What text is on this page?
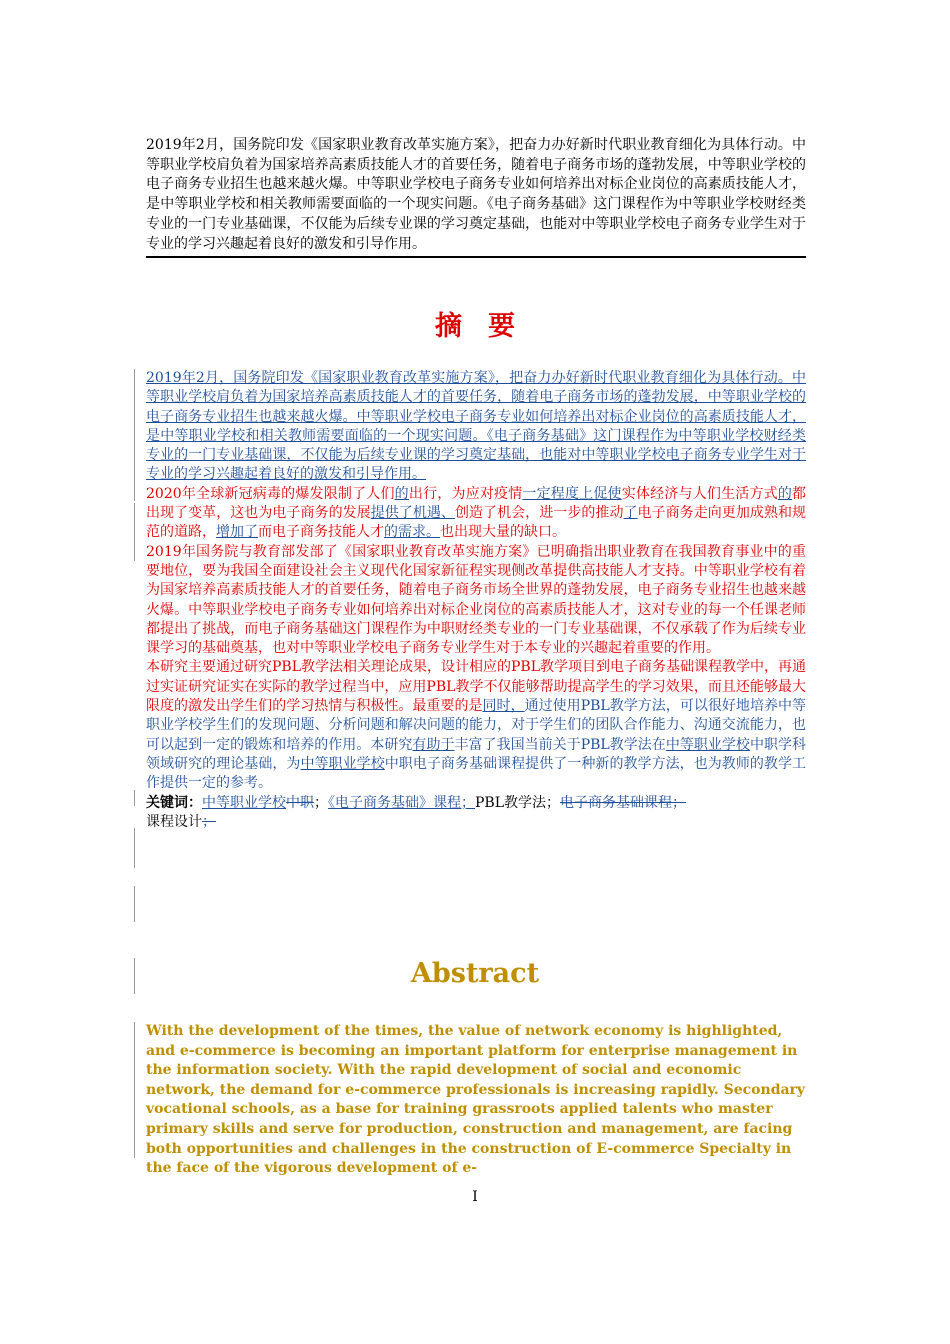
2019年2月，国务院印发《国家职业教育改革实施方案》，把奋力办好新时代职业教育细化为具体行动。中等职业学校肩负着为国家培养高素质技能人才的首要任务，随着电子商务市场的蓬勃发展，中等职业学校的电子商务专业招生也越来越火爆。中等职业学校电子商务专业如何培养出对标企业岗位的高素质技能人才，是中等职业学校和相关教师需要面临的一个现实问题。《电子商务基础》这门课程作为中等职业学校财经类专业的一门专业基础课，不仅能为后续专业课的学习奠定基础，也能对中等职业学校电子商务专业学生对于专业的学习兴趣起着良好的激发和引导作用。
摘要

2019年2月，国务院印发《国家职业教育改革实施方案》，把奋力办好新时代职业教育细化为具体行动。中等职业学校肩负着为国家培养高素质技能人才的首要任务，随着电子商务市场的蓬勃发展，中等职业学校的电子商务专业招生也越来越火爆。中等职业学校电子商务专业如何培养出对标企业岗位的高素质技能人才，是中等职业学校和相关教师需要面临的一个现实问题。《电子商务基础》这门课程作为中等职业学校财经类专业的一门专业基础课，不仅能为后续专业课的学习奠定基础，也能对中等职业学校电子商务专业学生对于专业的学习兴趣起着良好的激发和引导作用。

2020年全球新冠病毒的爆发限制了人们的出行，为应对疫情一定程度上促使实体经济与人们生活方式的都出现了变革，这也为电子商务的发展提供了机遇、创造了机会，进一步的推动了电子商务走向更加成熟和规范的道路，增加了而电子商务技能人才的需求。也出现大量的缺口。

2019年国务院与教育部发部了《国家职业教育改革实施方案》已明确指出职业教育在我国教育事业中的重要地位，要为我国全面建设社会主义现代化国家新征程实现侧改革提供高技能人才支持。中等职业学校有着为国家培养高素质技能人才的首要任务，随着电子商务市场全世界的蓬勃发展，电子商务专业招生也越来越火爆。中等职业学校电子商务专业如何培养出对标企业岗位的高素质技能人才，这对专业的每一个任课老师都提出了挑战，而电子商务基础这门课程作为中职财经类专业的一门专业基础课，不仅承载了作为后续专业课学习的基础奠基，也对中等职业学校电子商务专业学生对于本专业的兴趣起着重要的作用。

本研究主要通过研究PBL教学法相关理论成果，设计相应的PBL教学项目到电子商务基础课程教学中，再通过实证研究证实在实际的教学过程当中，应用PBL教学不仅能够帮助提高学生的学习效果，而且还能够最大限度的激发出学生们的学习热情与积极性。最重要的是同时，通过使用PBL教学方法，可以很好地培养中等职业学校学生们的发现问题、分析问题和解决问题的能力，对于学生们的团队合作能力、沟通交流能力，也可以起到一定的锻炼和培养的作用。本研究有助于丰富了我国当前关于PBL教学法在中等职业学校中职学科领域研究的理论基础，为中等职业学校中职电子商务基础课程提供了一种新的教学方法，也为教师的教学工作提供一定的参考。

关键词：中等职业学校中职；《电子商务基础》课程；PBL教学法；电子商务基础课程；
课程设计；

Abstract
With the development of the times, the value of network economy is highlighted, and e-commerce is becoming an important platform for enterprise management in the information society. With the rapid development of social and economic network, the demand for e-commerce professionals is increasing rapidly. Secondary vocational schools, as a base for training grassroots applied talents who master primary skills and serve for production, construction and management, are facing both opportunities and challenges in the construction of E-commerce Specialty in the face of the vigorous development of e-
I
